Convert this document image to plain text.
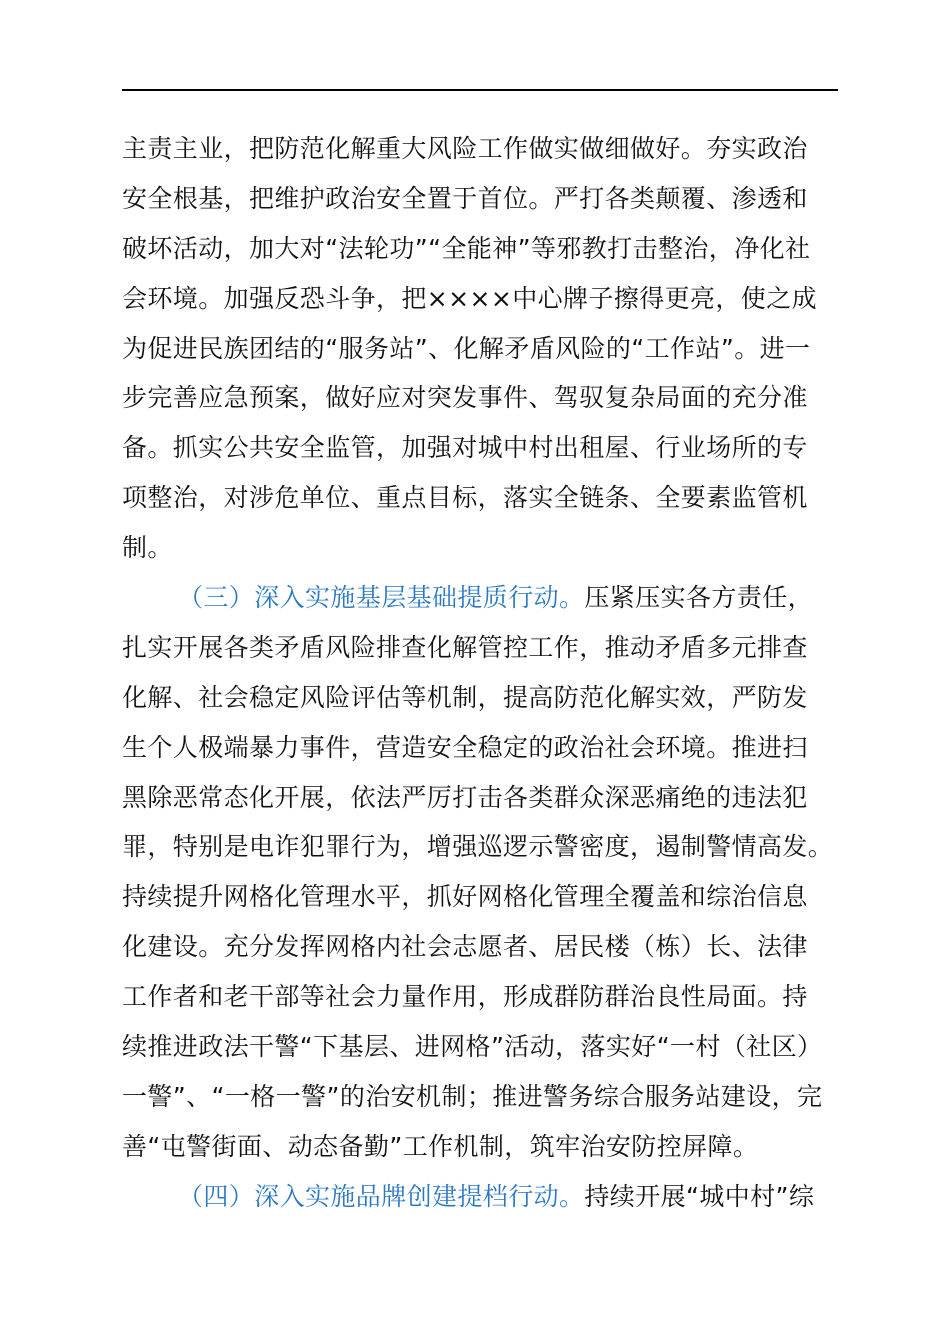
主责主业，把防范化解重大风险工作做实做细做好。夯实政治
安全根基，把维护政治安全置于首位。严打各类颠覆、渗透和
破坏活动，加大对“法轮功”“全能神”等邪教打击整治，净化社
会环境。加强反恐斗争，把××××中心牌子擦得更亮，使之成
为促进民族团结的“服务站”、化解矛盾风险的“工作站”。进一
步完善应急预案，做好应对突发事件、驾驭复杂局面的充分准
备。抓实公共安全监管，加强对城中村出租屋、行业场所的专
项整治，对涉危单位、重点目标，落实全链条、全要素监管机
制。
（三）深入实施基层基础提质行动。压紧压实各方责任，
扎实开展各类矛盾风险排查化解管控工作，推动矛盾多元排查
化解、社会稳定风险评估等机制，提高防范化解实效，严防发
生个人极端暴力事件，营造安全稳定的政治社会环境。推进扫
黑除恶常态化开展，依法严厉打击各类群众深恶痛绝的违法犯
罪，特别是电诈犯罪行为，增强巡逻示警密度，遏制警情高发。
持续提升网格化管理水平，抓好网格化管理全覆盖和综治信息
化建设。充分发挥网格内社会志愿者、居民楼（栋）长、法律
工作者和老干部等社会力量作用，形成群防群治良性局面。持
续推进政法干警“下基层、进网格”活动，落实好“一村（社区）
一警”、“一格一警”的治安机制；推进警务综合服务站建设，完
善“屯警街面、动态备勤”工作机制，筑牢治安防控屏障。
（四）深入实施品牌创建提档行动。持续开展“城中村”综
